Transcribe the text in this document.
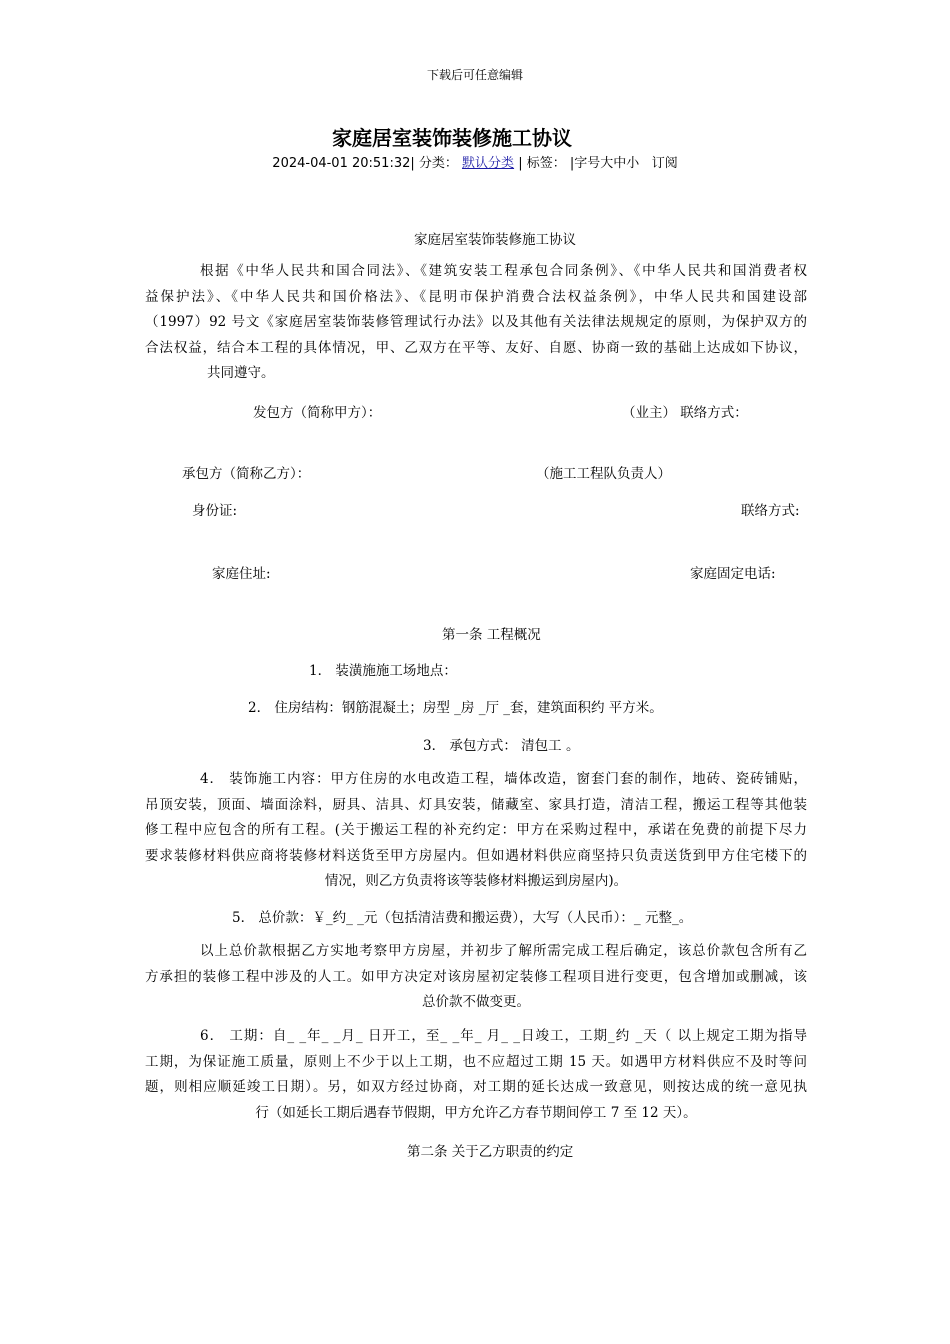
下载后可任意编辑
家庭居室装饰装修施工协议
2024-04-01 20:51:32| 分类： 默认分类 | 标签： |字号大中小 订阅
家庭居室装饰装修施工协议
根据《中华人民共和国合同法》、《建筑安装工程承包合同条例》、《中华人民共和国消费者权
益保护法》、《中华人民共和国价格法》、《昆明市保护消费合法权益条例》，中华人民共和国建设部
（1997）92 号文《家庭居室装饰装修管理试行办法》以及其他有关法律法规规定的原则，为保护双方的
合法权益，结合本工程的具体情况，甲、乙双方在平等、友好、自愿、协商一致的基础上达成如下协议，
共同遵守。
发包方（简称甲方）：	（业主） 联络方式：
承包方（简称乙方）：	（施工工程队负责人）
身份证:	联络方式:
家庭住址:	家庭固定电话:
第一条 工程概况
1． 装潢施施工场地点：
2． 住房结构：钢筋混凝土；房型 _房 _厅 _套，建筑面积约 平方米。
3． 承包方式： 清包工 。
4． 装饰施工内容：甲方住房的水电改造工程，墙体改造，窗套门套的制作，地砖、瓷砖铺贴，
吊顶安装，顶面、墙面涂料，厨具、洁具、灯具安装，储藏室、家具打造，清洁工程，搬运工程等其他装
修工程中应包含的所有工程。(关于搬运工程的补充约定：甲方在采购过程中，承诺在免费的前提下尽力
要求装修材料供应商将装修材料送货至甲方房屋内。但如遇材料供应商坚持只负责送货到甲方住宅楼下的
情况，则乙方负责将该等装修材料搬运到房屋内)。
5． 总价款：￥_约_ _元（包括清洁费和搬运费），大写（人民币）：_ 元整_。
以上总价款根据乙方实地考察甲方房屋，并初步了解所需完成工程后确定，该总价款包含所有乙
方承担的装修工程中涉及的人工。如甲方决定对该房屋初定装修工程项目进行变更，包含增加或删减，该
总价款不做变更。
6． 工期：自_ _年_ _月_ 日开工，至_ _年_ 月_ _日竣工，工期_约 _天（ 以上规定工期为指导
工期，为保证施工质量，原则上不少于以上工期，也不应超过工期 15 天。如遇甲方材料供应不及时等问
题，则相应顺延竣工日期）。另，如双方经过协商，对工期的延长达成一致意见，则按达成的统一意见执
行（如延长工期后遇春节假期，甲方允许乙方春节期间停工 7 至 12 天）。
第二条 关于乙方职责的约定
